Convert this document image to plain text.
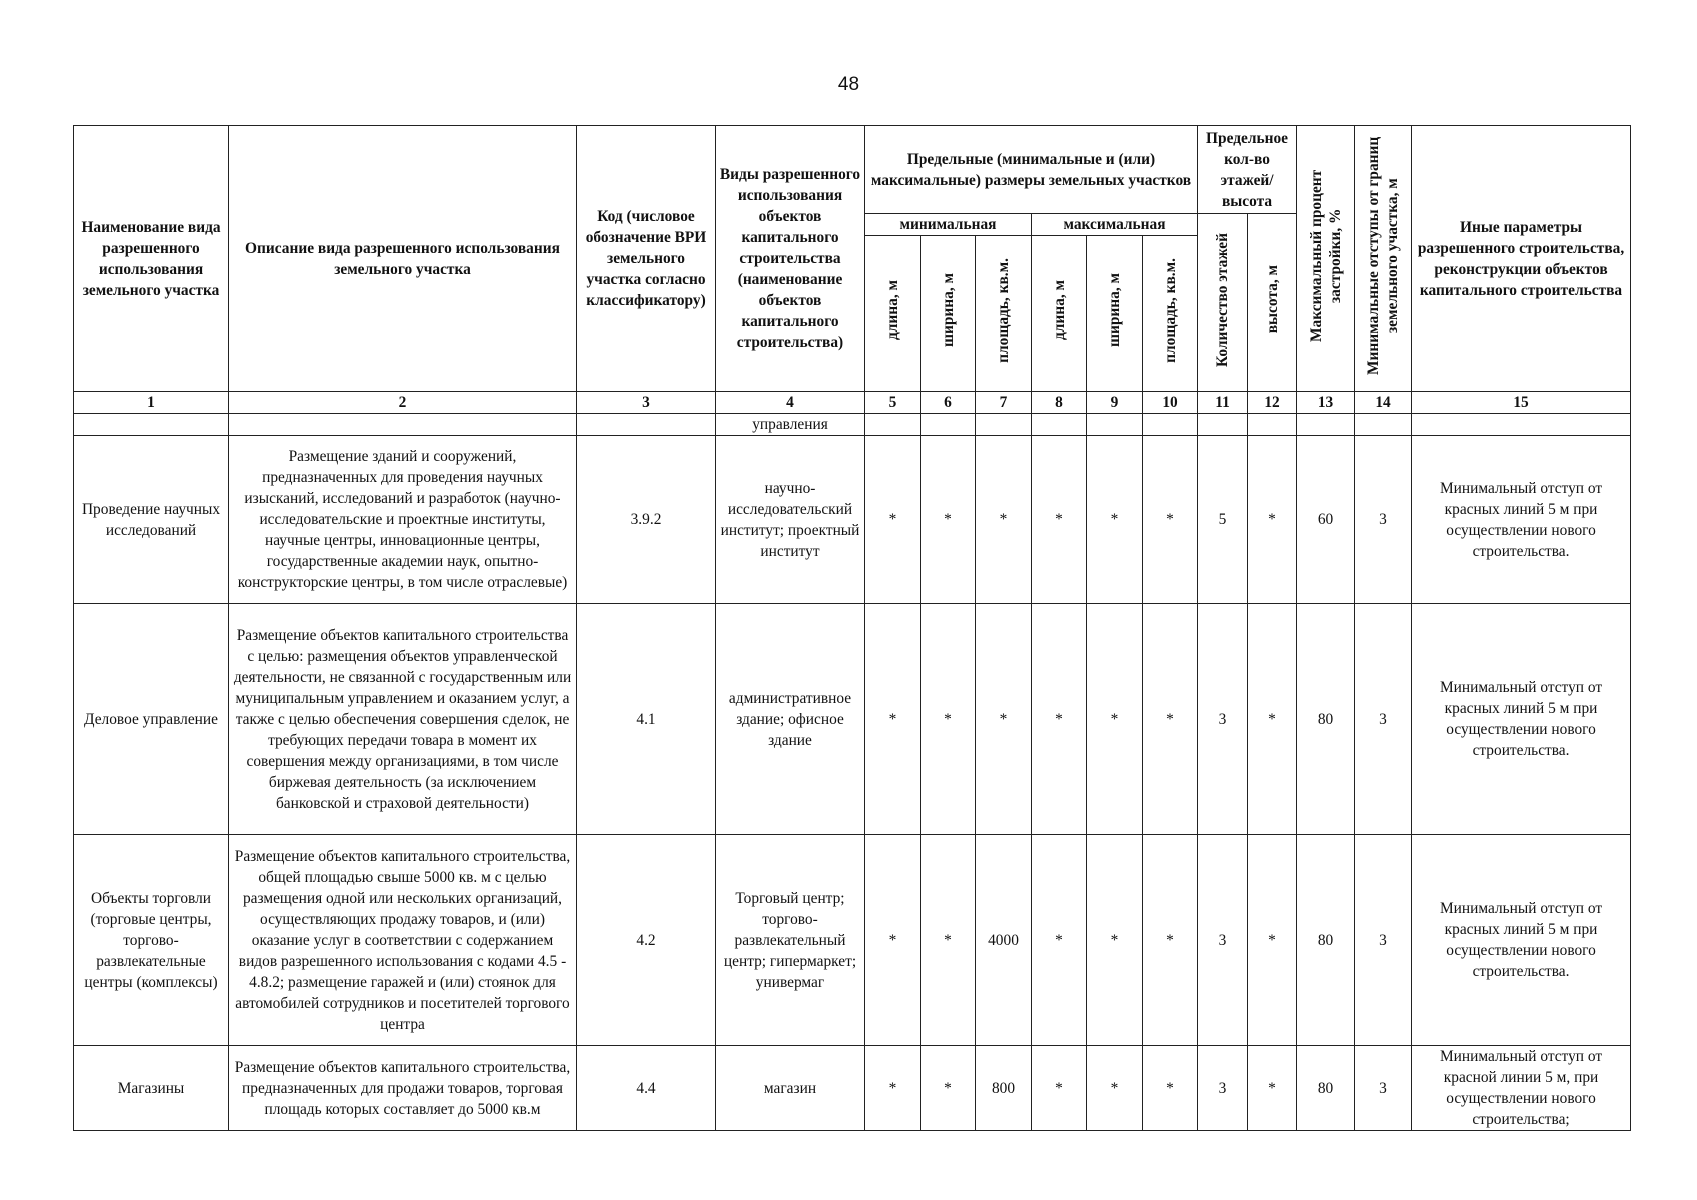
48
Наименование вида разрешенного использования земельного участка	Описание вида разрешенного использования земельного участка	Код (числовое обозначение ВРИ земельного участка согласно классификатору)	Виды разрешенного использования объектов капитального строительства (наименование объектов капитального строительства)	Предельные (минимальные и (или) максимальные) размеры земельных участков						Предельное кол-во этажей/ высота		Максимальный процент застройки, %	Минимальные отступы от границ земельного участка, м	Иные параметры разрешенного строительства, реконструкции объектов капитального строительства
				минимальная			максимальная			Количество этажей	высота, м			
				длина, м	ширина, м	площадь, кв.м.	длина, м	ширина, м	площадь, кв.м.					
1	2	3	4	5	6	7	8	9	10	11	12	13	14	15
			управления											
Проведение научных исследований	Размещение зданий и сооружений, предназначенных для проведения научных изысканий, исследований и разработок (научно-исследовательские и проектные институты, научные центры, инновационные центры, государственные академии наук, опытно-конструкторские центры, в том числе отраслевые)	3.9.2	научно-исследовательский институт; проектный институт	*	*	*	*	*	*	5	*	60	3	Минимальный отступ от красных линий 5 м при осуществлении нового строительства.
Деловое управление	Размещение объектов капитального строительства с целью: размещения объектов управленческой деятельности, не связанной с государственным или муниципальным управлением и оказанием услуг, а также с целью обеспечения совершения сделок, не требующих передачи товара в момент их совершения между организациями, в том числе биржевая деятельность (за исключением банковской и страховой деятельности)	4.1	административное здание; офисное здание	*	*	*	*	*	*	3	*	80	3	Минимальный отступ от красных линий 5 м при осуществлении нового строительства.
Объекты торговли (торговые центры, торгово-развлекательные центры (комплексы)	Размещение объектов капитального строительства, общей площадью свыше 5000 кв. м с целью размещения одной или нескольких организаций, осуществляющих продажу товаров, и (или) оказание услуг в соответствии с содержанием видов разрешенного использования с кодами 4.5 - 4.8.2; размещение гаражей и (или) стоянок для автомобилей сотрудников и посетителей торгового центра	4.2	Торговый центр; торгово-развлекательный центр; гипермаркет; универмаг	*	*	4000	*	*	*	3	*	80	3	Минимальный отступ от красных линий 5 м при осуществлении нового строительства.
Магазины	Размещение объектов капитального строительства, предназначенных для продажи товаров, торговая площадь которых составляет до 5000 кв.м	4.4	магазин	*	*	800	*	*	*	3	*	80	3	Минимальный отступ от красной линии 5 м, при осуществлении нового строительства;
